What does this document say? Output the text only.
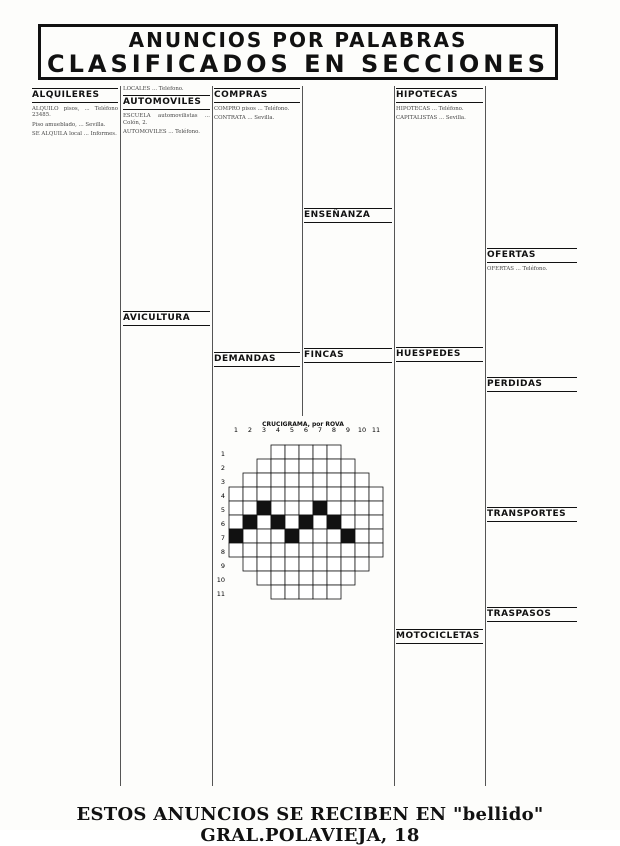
ANUNCIOS POR PALABRAS
CLASIFICADOS EN SECCIONES
ALQUILERES
ALQUILO pisos, ... Teléfono 23485.
Piso amueblado, ... Sevilla.
SE ALQUILA local ... Informes.
LOCALES ... Teléfono.
AUTOMOVILES
ESCUELA automovilistas ... Colón, 2.
AUTOMOVILES ... Teléfono.
AVICULTURA
COMPRAS
COMPRO pisos ... Teléfono.
CONTRATA ... Sevilla.
DEMANDAS
ENSEÑANZA
FINCAS
HIPOTECAS
HIPOTECAS ... Teléfono.
CAPITALISTAS ... Sevilla.
HUESPEDES
MOTOCICLETAS
OFERTAS
OFERTAS ... Teléfono.
PERDIDAS
TRANSPORTES
TRASPASOS
CRUCIGRAMA, por ROVA
1 2 3 4 5 6 7 8 9 10 11
1
2
3
4
5
6
7
8
9
10
11
ESTOS ANUNCIOS SE RECIBEN EN "bellido" GRAL.POLAVIEJA, 18
